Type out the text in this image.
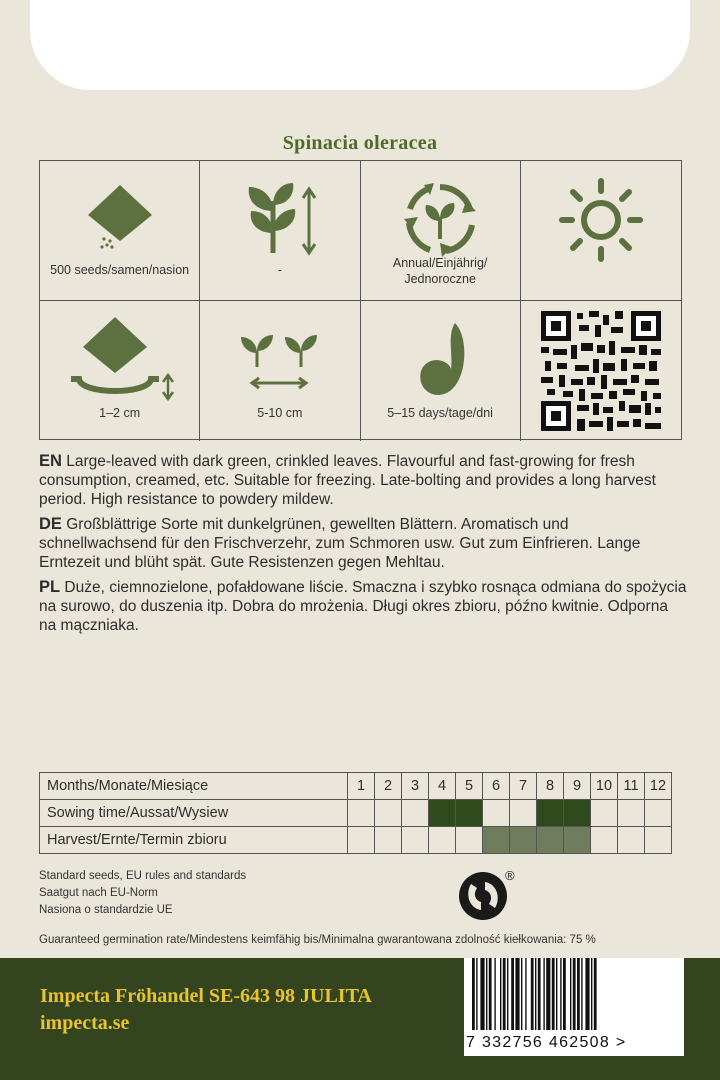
Spinacia oleracea
500 seeds/samen/nasion	-	Annual/Einjährig/
Jednoroczne
1–2 cm	5-10 cm	5–15 days/tage/dni

EN Large-leaved with dark green, crinkled leaves. Flavourful and fast-growing for fresh consumption, creamed, etc. Suitable for freezing. Late-bolting and provides a long harvest period. High resistance to powdery mildew.

DE Großblättrige Sorte mit dunkelgrünen, gewellten Blättern. Aromatisch und schnellwachsend für den Frischverzehr, zum Schmoren usw. Gut zum Einfrieren. Lange Erntezeit und blüht spät. Gute Resistenzen gegen Mehltau.

PL Duże, ciemnozielone, pofałdowane liście. Smaczna i szybko rosnąca odmiana do spożycia na surowo, do duszenia itp. Dobra do mrożenia. Długi okres zbioru, późno kwitnie. Odporna na mączniaka.

Months/Monate/Miesiące	1	2	3	4	5	6	7	8	9	10	11	12
Sowing time/Aussat/Wysiew												
Harvest/Ernte/Termin zbioru												
Standard seeds, EU rules and standards
Saatgut nach EU-Norm
Nasiona o standardzie UE
®
Guaranteed germination rate/Mindestens keimfähig bis/Minimalna gwarantowana zdolność kiełkowania: 75 %
Impecta Fröhandel SE-643 98 JULITA
impecta.se
7 332756 462508 >
